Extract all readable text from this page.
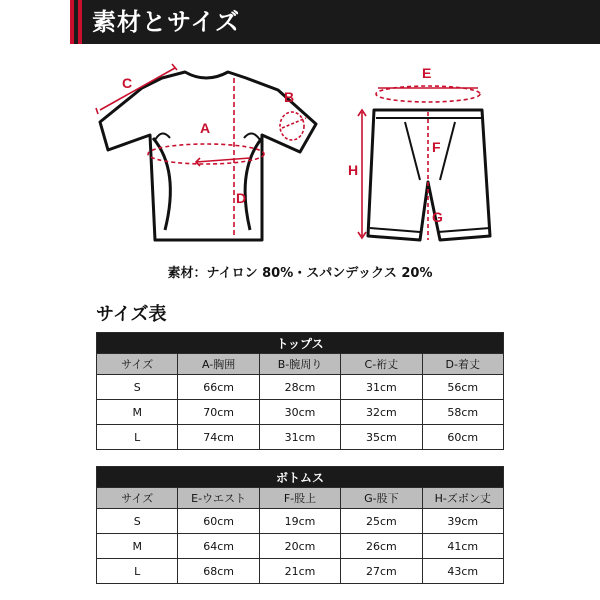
素材とサイズ
C
B
A
D
E
F
G
H
素材：ナイロン 80%・スパンデックス 20%
サイズ表
トップス				
サイズ	A-胸囲	B-腕周り	C-裄丈	D-着丈
S	66cm	28cm	31cm	56cm
M	70cm	30cm	32cm	58cm
L	74cm	31cm	35cm	60cm
ボトムス				
サイズ	E-ウエスト	F-股上	G-股下	H-ズボン丈
S	60cm	19cm	25cm	39cm
M	64cm	20cm	26cm	41cm
L	68cm	21cm	27cm	43cm
